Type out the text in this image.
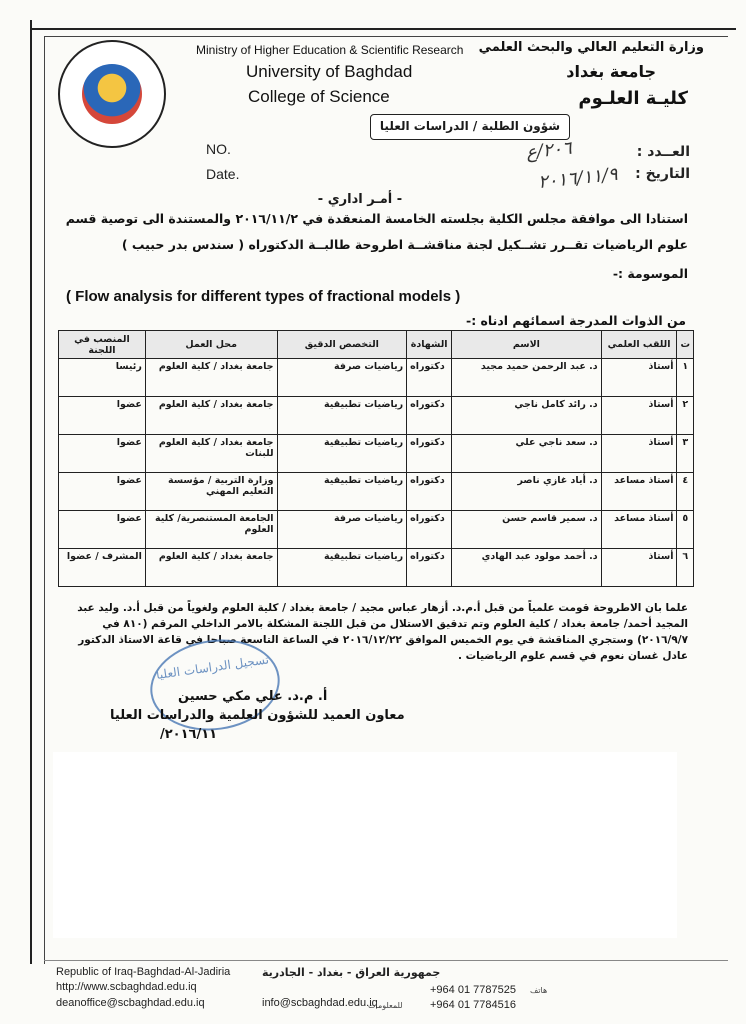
Ministry of Higher Education & Scientific Research
University of Baghdad
College of Science
وزارة التعليم العالي والبحث العلمي
جامعة بغداد
كليـة العلـوم
شؤون الطلبة / الدراسات العليا
NO.
Date.
العــدد :
التاريخ :
٢٠٦/ع
٢٠١٦/١١/٩
- أمـر اداري -
استنادا الى موافقة مجلس الكلية بجلسته الخامسة المنعقدة في ٢٠١٦/١١/٢ والمستندة الى توصية قسم
علوم الرياضيات تقــرر تشــكيل لجنة مناقشــة اطروحة طالبــة الدكتوراه ( سندس بدر حبيب )
الموسومة :-
( Flow analysis for different types of fractional models )
من الذوات المدرجة اسمائهم ادناه :-
ت	اللقب العلمي	الاسم	الشهادة	التخصص الدقيق	محل العمل	المنصب في اللجنة
١	أستاذ	د. عبد الرحمن حميد مجيد	دكتوراه	رياضيات صرفة	جامعة بغداد / كلية العلوم	رئيسا
٢	أستاذ	د. رائد كامل ناجي	دكتوراه	رياضيات تطبيقية	جامعة بغداد / كلية العلوم	عضوا
٣	أستاذ	د. سعد ناجي علي	دكتوراه	رياضيات تطبيقية	جامعة بغداد / كلية العلوم للبنات	عضوا
٤	أستاذ مساعد	د. أياد غازي ناصر	دكتوراه	رياضيات تطبيقية	وزارة التربية / مؤسسة التعليم المهني	عضوا
٥	أستاذ مساعد	د. سمير قاسم حسن	دكتوراه	رياضيات صرفة	الجامعة المستنصرية/ كلية العلوم	عضوا
٦	أستاذ	د. أحمد مولود عبد الهادي	دكتوراه	رياضيات تطبيقية	جامعة بغداد / كلية العلوم	المشرف / عضوا
علما بان الاطروحة قومت علمياً من قبل أ.م.د. أزهار عباس مجيد / جامعة بغداد / كلية العلوم ولغوياً من قبل أ.د. وليد عبد المجيد أحمد/ جامعة بغداد / كلية العلوم وتم تدقيق الاستلال من قبل اللجنة المشكلة بالامر الداخلي المرقم (٨١٠ في ٢٠١٦/٩/٧) وستجري المناقشة في يوم الخميس الموافق ٢٠١٦/١٢/٢٢ في الساعة التاسعة صباحا في قاعة الاستاذ الدكتور عادل غسان نعوم في قسم علوم الرياضيات .
تسجيل الدراسات العليا
أ. م.د. علي مكي حسين
معاون العميد للشؤون العلمية والدراسات العليا
٢٠١٦/١١/
Republic of Iraq-Baghdad-Al-Jadiria
http://www.scbaghdad.edu.iq
deanoffice@scbaghdad.edu.iq
جمهورية العراق - بغداد - الجادرية
info@scbaghdad.edu.iq
+964 01 7787525
+964 01 7784516
هاتف
للمعلومات
